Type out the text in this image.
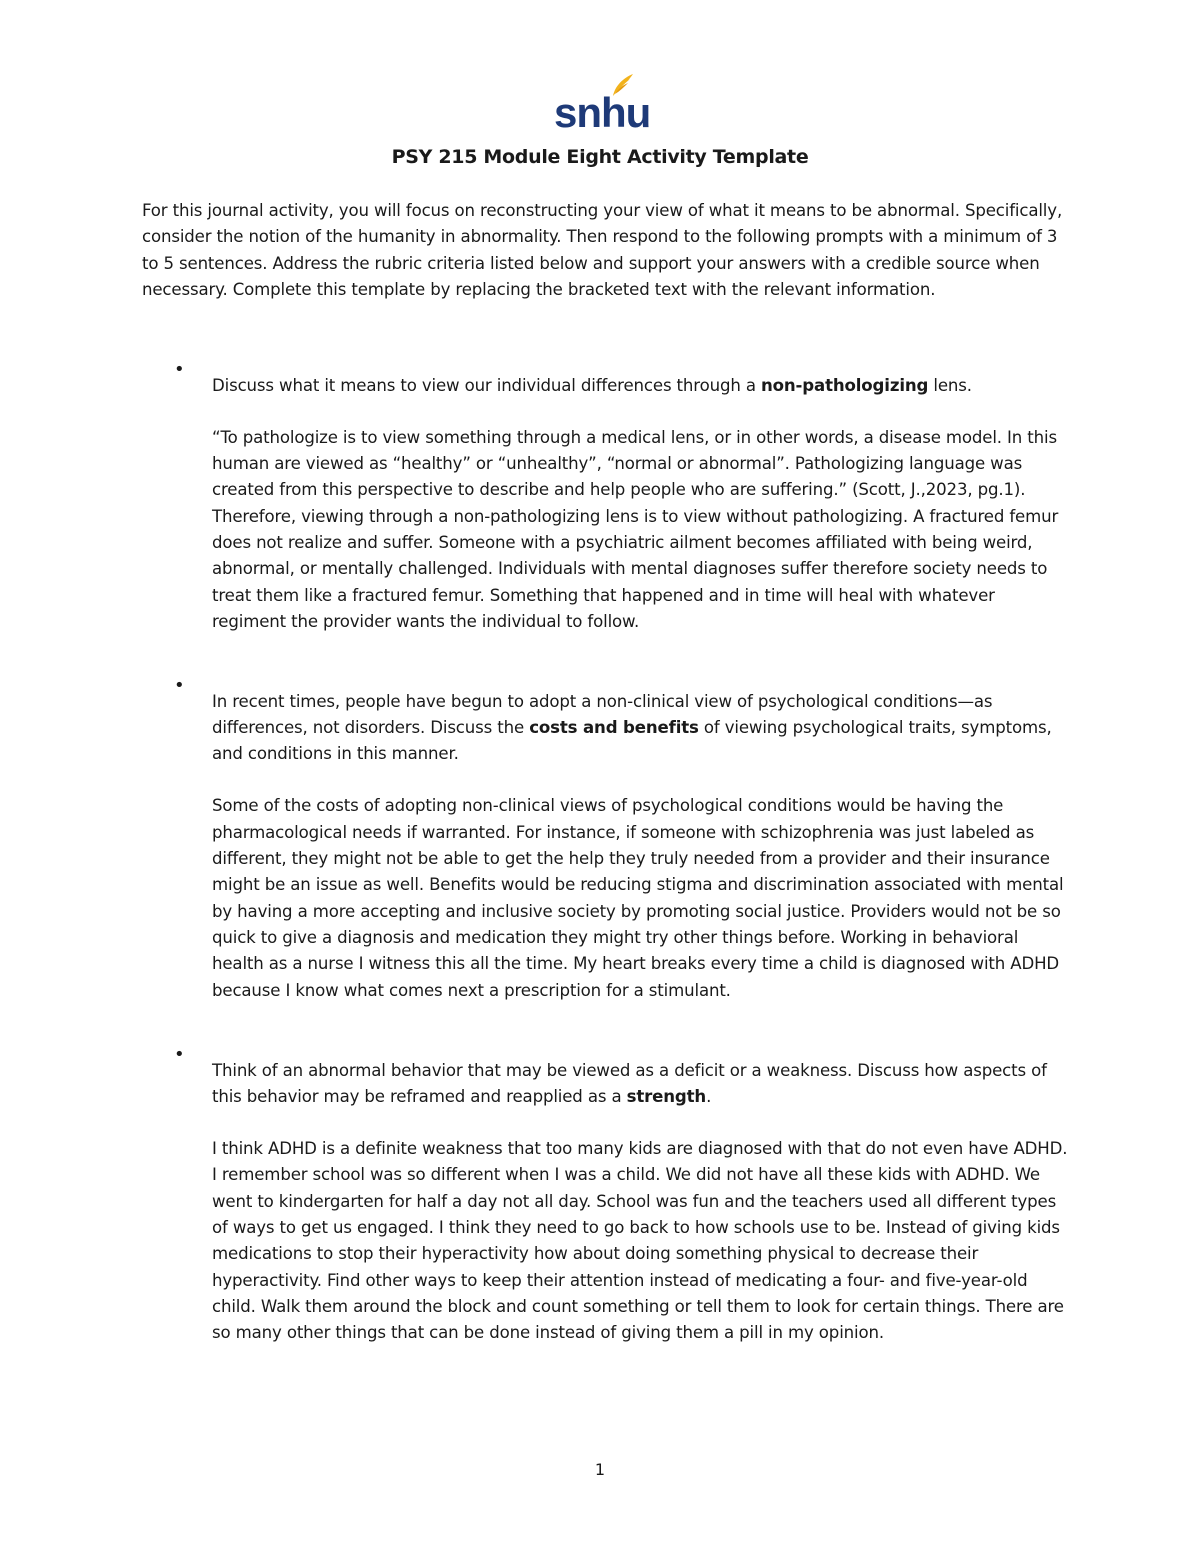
snhu
PSY 215 Module Eight Activity Template
For this journal activity, you will focus on reconstructing your view of what it means to be abnormal. Specifically, consider the notion of the humanity in abnormality. Then respond to the following prompts with a minimum of 3 to 5 sentences. Address the rubric criteria listed below and support your answers with a credible source when necessary. Complete this template by replacing the bracketed text with the relevant information.
•

Discuss what it means to view our individual differences through a non-pathologizing lens.

“To pathologize is to view something through a medical lens, or in other words, a disease model. In this human are viewed as “healthy” or “unhealthy”, “normal or abnormal”. Pathologizing language was created from this perspective to describe and help people who are suffering.” (Scott, J.,2023, pg.1). Therefore, viewing through a non-pathologizing lens is to view without pathologizing. A fractured femur does not realize and suffer. Someone with a psychiatric ailment becomes affiliated with being weird, abnormal, or mentally challenged. Individuals with mental diagnoses suffer therefore society needs to treat them like a fractured femur. Something that happened and in time will heal with whatever regiment the provider wants the individual to follow.

•

In recent times, people have begun to adopt a non-clinical view of psychological conditions—as differences, not disorders. Discuss the costs and benefits of viewing psychological traits, symptoms, and conditions in this manner.

Some of the costs of adopting non-clinical views of psychological conditions would be having the pharmacological needs if warranted. For instance, if someone with schizophrenia was just labeled as different, they might not be able to get the help they truly needed from a provider and their insurance might be an issue as well. Benefits would be reducing stigma and discrimination associated with mental by having a more accepting and inclusive society by promoting social justice. Providers would not be so quick to give a diagnosis and medication they might try other things before. Working in behavioral health as a nurse I witness this all the time. My heart breaks every time a child is diagnosed with ADHD because I know what comes next a prescription for a stimulant.

•

Think of an abnormal behavior that may be viewed as a deficit or a weakness. Discuss how aspects of this behavior may be reframed and reapplied as a strength.

I think ADHD is a definite weakness that too many kids are diagnosed with that do not even have ADHD. I remember school was so different when I was a child. We did not have all these kids with ADHD. We went to kindergarten for half a day not all day. School was fun and the teachers used all different types of ways to get us engaged. I think they need to go back to how schools use to be. Instead of giving kids medications to stop their hyperactivity how about doing something physical to decrease their hyperactivity. Find other ways to keep their attention instead of medicating a four- and five-year-old child. Walk them around the block and count something or tell them to look for certain things. There are so many other things that can be done instead of giving them a pill in my opinion.

1
